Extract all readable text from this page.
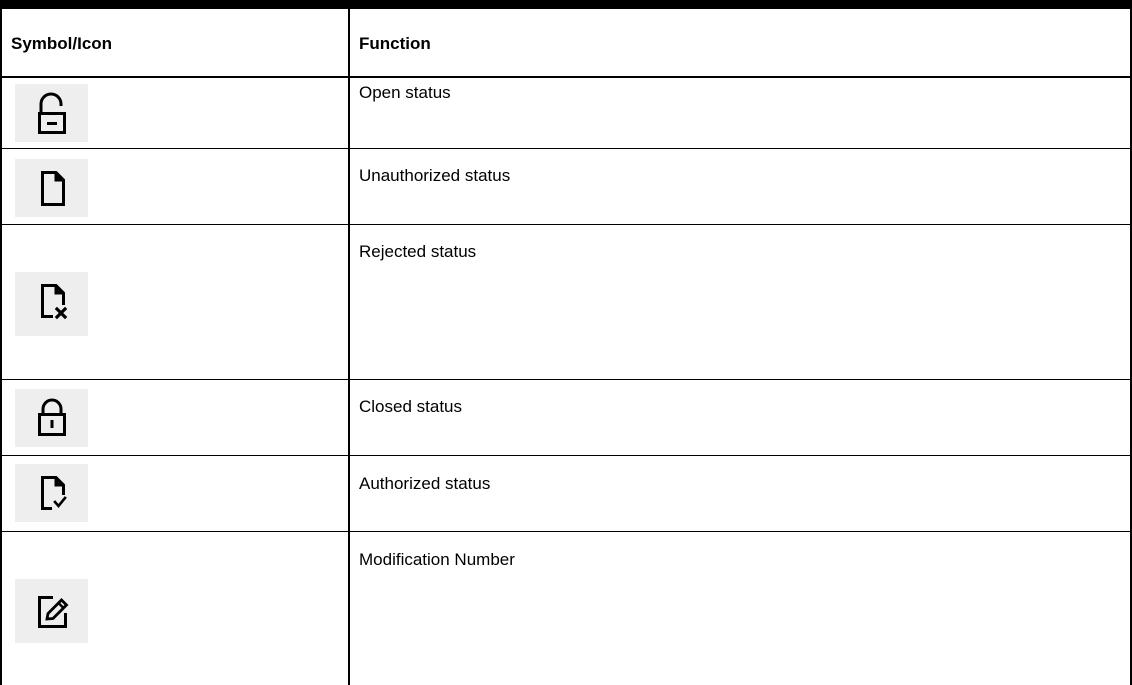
Symbol/Icon	Function
Open status
Unauthorized status
Rejected status
Closed status
Authorized status
Modification Number
